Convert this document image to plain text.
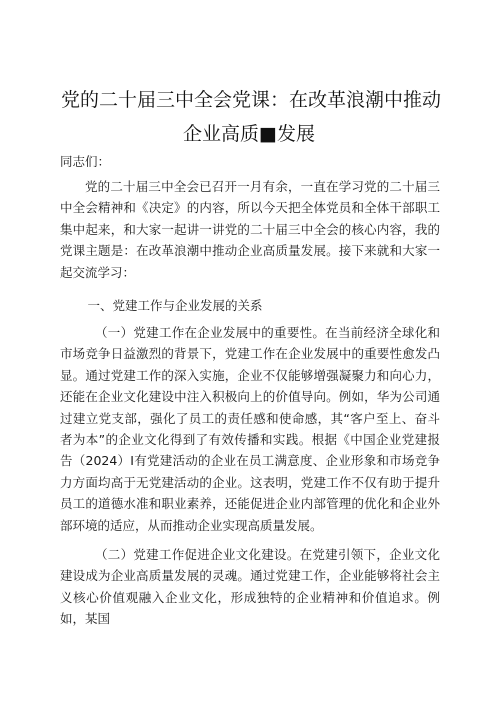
党的二十届三中全会党课：在改革浪潮中推动
企业高质■发展

同志们：

党的二十届三中全会已召开一月有余，一直在学习党的二十届三中全会精神和《决定》的内容，所以今天把全体党员和全体干部职工集中起来，和大家一起讲一讲党的二十届三中全会的核心内容，我的党课主题是：在改革浪潮中推动企业高质量发展。接下来就和大家一起交流学习：

一、党建工作与企业发展的关系

（一）党建工作在企业发展中的重要性。在当前经济全球化和市场竞争日益激烈的背景下，党建工作在企业发展中的重要性愈发凸显。通过党建工作的深入实施，企业不仅能够增强凝聚力和向心力，还能在企业文化建设中注入积极向上的价值导向。例如，华为公司通过建立党支部，强化了员工的责任感和使命感，其“客户至上、奋斗者为本”的企业文化得到了有效传播和实践。根据《中国企业党建报告（2024）I有党建活动的企业在员工满意度、企业形象和市场竞争力方面均高于无党建活动的企业。这表明，党建工作不仅有助于提升员工的道德水准和职业素养，还能促进企业内部管理的优化和企业外部环境的适应，从而推动企业实现高质量发展。

（二）党建工作促进企业文化建设。在党建引领下，企业文化建设成为企业高质量发展的灵魂。通过党建工作，企业能够将社会主义核心价值观融入企业文化，形成独特的企业精神和价值追求。例如，某国
